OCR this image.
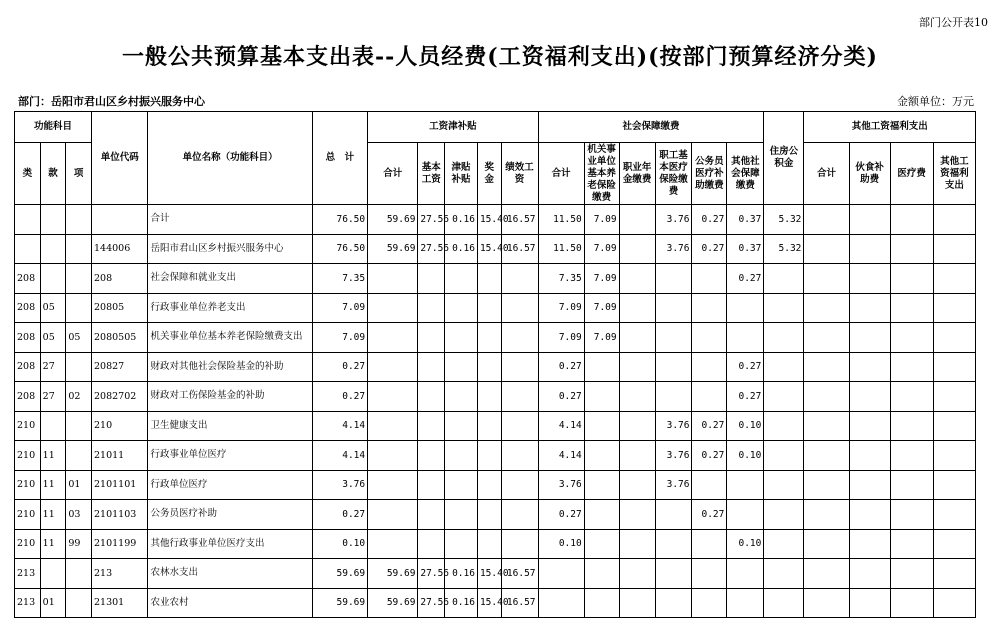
部门公开表10
一般公共预算基本支出表--人员经费(工资福利支出)(按部门预算经济分类)
部门：岳阳市君山区乡村振兴服务中心	金额单位：万元
功能科目			单位代码	单位名称（功能科目）	总　计	工资津补贴					社会保障缴费						住房公积金	其他工资福利支出			
类	款	项				合计	基本工资	津贴补贴	奖金	绩效工资	合计	机关事业单位基本养老保险缴费	职业年金缴费	职工基本医疗保险缴费	公务员医疗补助缴费	其他社会保障缴费		合计	伙食补助费	医疗费	其他工资福利支出
				合计	76.50	59.69	27.56	0.16	15.40	16.57	11.50	7.09		3.76	0.27	0.37	5.32				
			144006	岳阳市君山区乡村振兴服务中心	76.50	59.69	27.56	0.16	15.40	16.57	11.50	7.09		3.76	0.27	0.37	5.32				
208			208	社会保障和就业支出	7.35						7.35	7.09				0.27					
208	05		20805	行政事业单位养老支出	7.09						7.09	7.09									
208	05	05	2080505	机关事业单位基本养老保险缴费支出	7.09						7.09	7.09									
208	27		20827	财政对其他社会保险基金的补助	0.27						0.27					0.27					
208	27	02	2082702	财政对工伤保险基金的补助	0.27						0.27					0.27					
210			210	卫生健康支出	4.14						4.14			3.76	0.27	0.10					
210	11		21011	行政事业单位医疗	4.14						4.14			3.76	0.27	0.10					
210	11	01	2101101	行政单位医疗	3.76						3.76			3.76							
210	11	03	2101103	公务员医疗补助	0.27						0.27				0.27						
210	11	99	2101199	其他行政事业单位医疗支出	0.10						0.10					0.10					
213			213	农林水支出	59.69	59.69	27.56	0.16	15.40	16.57											
213	01		21301	农业农村	59.69	59.69	27.56	0.16	15.40	16.57											
